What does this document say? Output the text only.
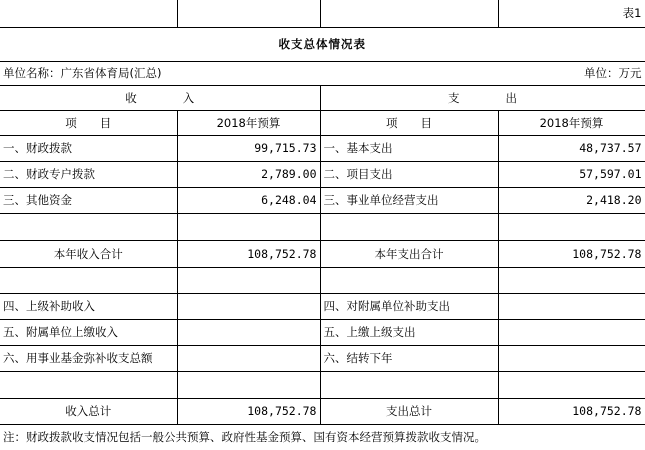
			表1
收支总体情况表			
单位名称：广东省体育局(汇总)			单位：万元
收　　　　入		支　　　　出	
项　　目	2018年预算	项　　目	2018年预算
一、财政拨款	99,715.73	一、基本支出	48,737.57
二、财政专户拨款	2,789.00	二、项目支出	57,597.01
三、其他资金	6,248.04	三、事业单位经营支出	2,418.20

本年收入合计	108,752.78	本年支出合计	108,752.78

四、上级补助收入		四、对附属单位补助支出	
五、附属单位上缴收入		五、上缴上级支出	
六、用事业基金弥补收支总额		六、结转下年	

收入总计	108,752.78	支出总计	108,752.78
注：财政拨款收支情况包括一般公共预算、政府性基金预算、国有资本经营预算拨款收支情况。			
